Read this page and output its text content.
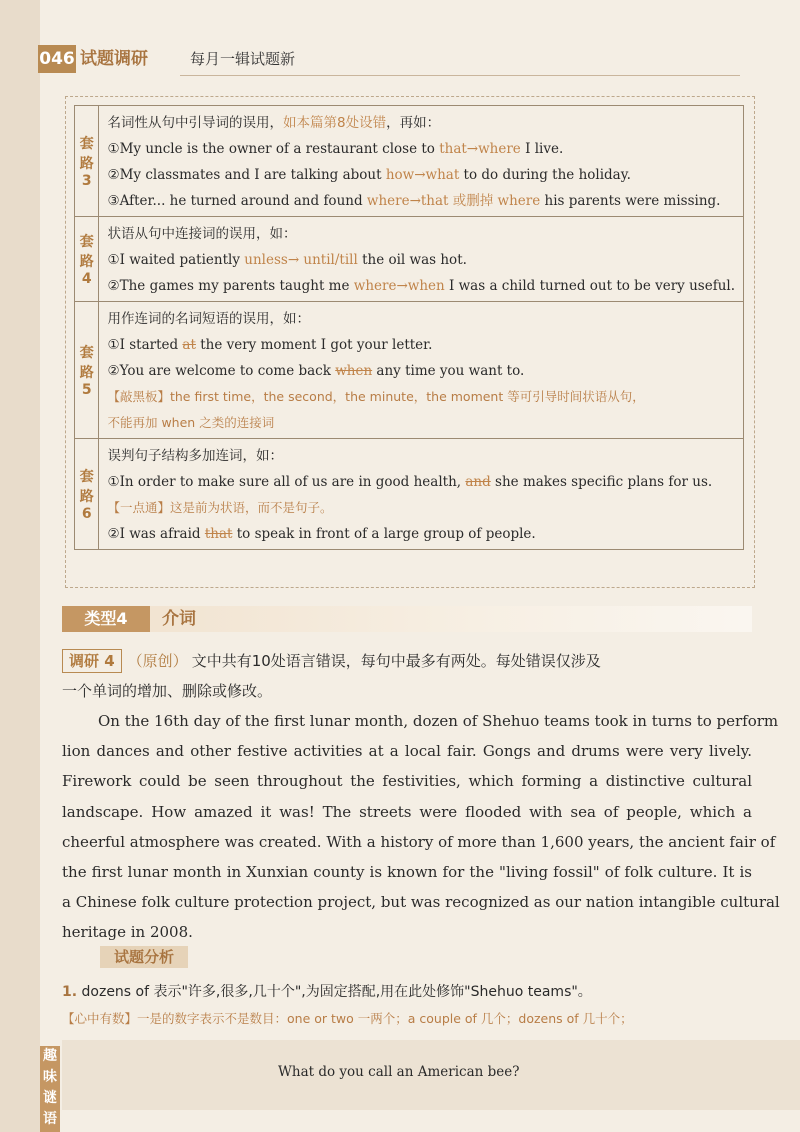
046 试题调研	每月一辑试题新
套路3	名词性从句中引导词的误用，如本篇第8处设错，再如：
①My uncle is the owner of a restaurant close to that→where I live.
②My classmates and I are talking about how→what to do during the holiday.
③After... he turned around and found where→that 或删掉 where his parents were missing.

套路4	状语从句中连接词的误用，如：
①I waited patiently unless→ until/till the oil was hot.
②The games my parents taught me where→when I was a child turned out to be very useful.

套路5	用作连词的名词短语的误用，如：
①I started at the very moment I got your letter.
②You are welcome to come back when any time you want to.
【敲黑板】the first time，the second，the minute，the moment 等可引导时间状语从句，
不能再加 when 之类的连接词

套路6	误判句子结构多加连词，如：
①In order to make sure all of us are in good health, and she makes specific plans for us.
【一点通】这是前为状语，而不是句子。
②I was afraid that to speak in front of a large group of people.
类型4	介词
调研 4 （原创） 文中共有10处语言错误，每句中最多有两处。每处错误仅涉及
一个单词的增加、删除或修改。
On the 16th day of the first lunar month, dozen of Shehuo teams took in turns to perform
lion dances and other festive activities at a local fair. Gongs and drums were very lively.
Firework could be seen throughout the festivities, which forming a distinctive cultural
landscape. How amazed it was! The streets were flooded with sea of people, which a
cheerful atmosphere was created. With a history of more than 1,600 years, the ancient fair of
the first lunar month in Xunxian county is known for the "living fossil" of folk culture. It is
a Chinese folk culture protection project, but was recognized as our nation intangible cultural
heritage in 2008.
试题分析
1. dozens of 表示"许多,很多,几十个",为固定搭配,用在此处修饰"Shehuo teams"。
【心中有数】一是的数字表示不是数目：one or two 一两个；a couple of 几个；dozens of 几十个；
趣味谜语
What do you call an American bee?
